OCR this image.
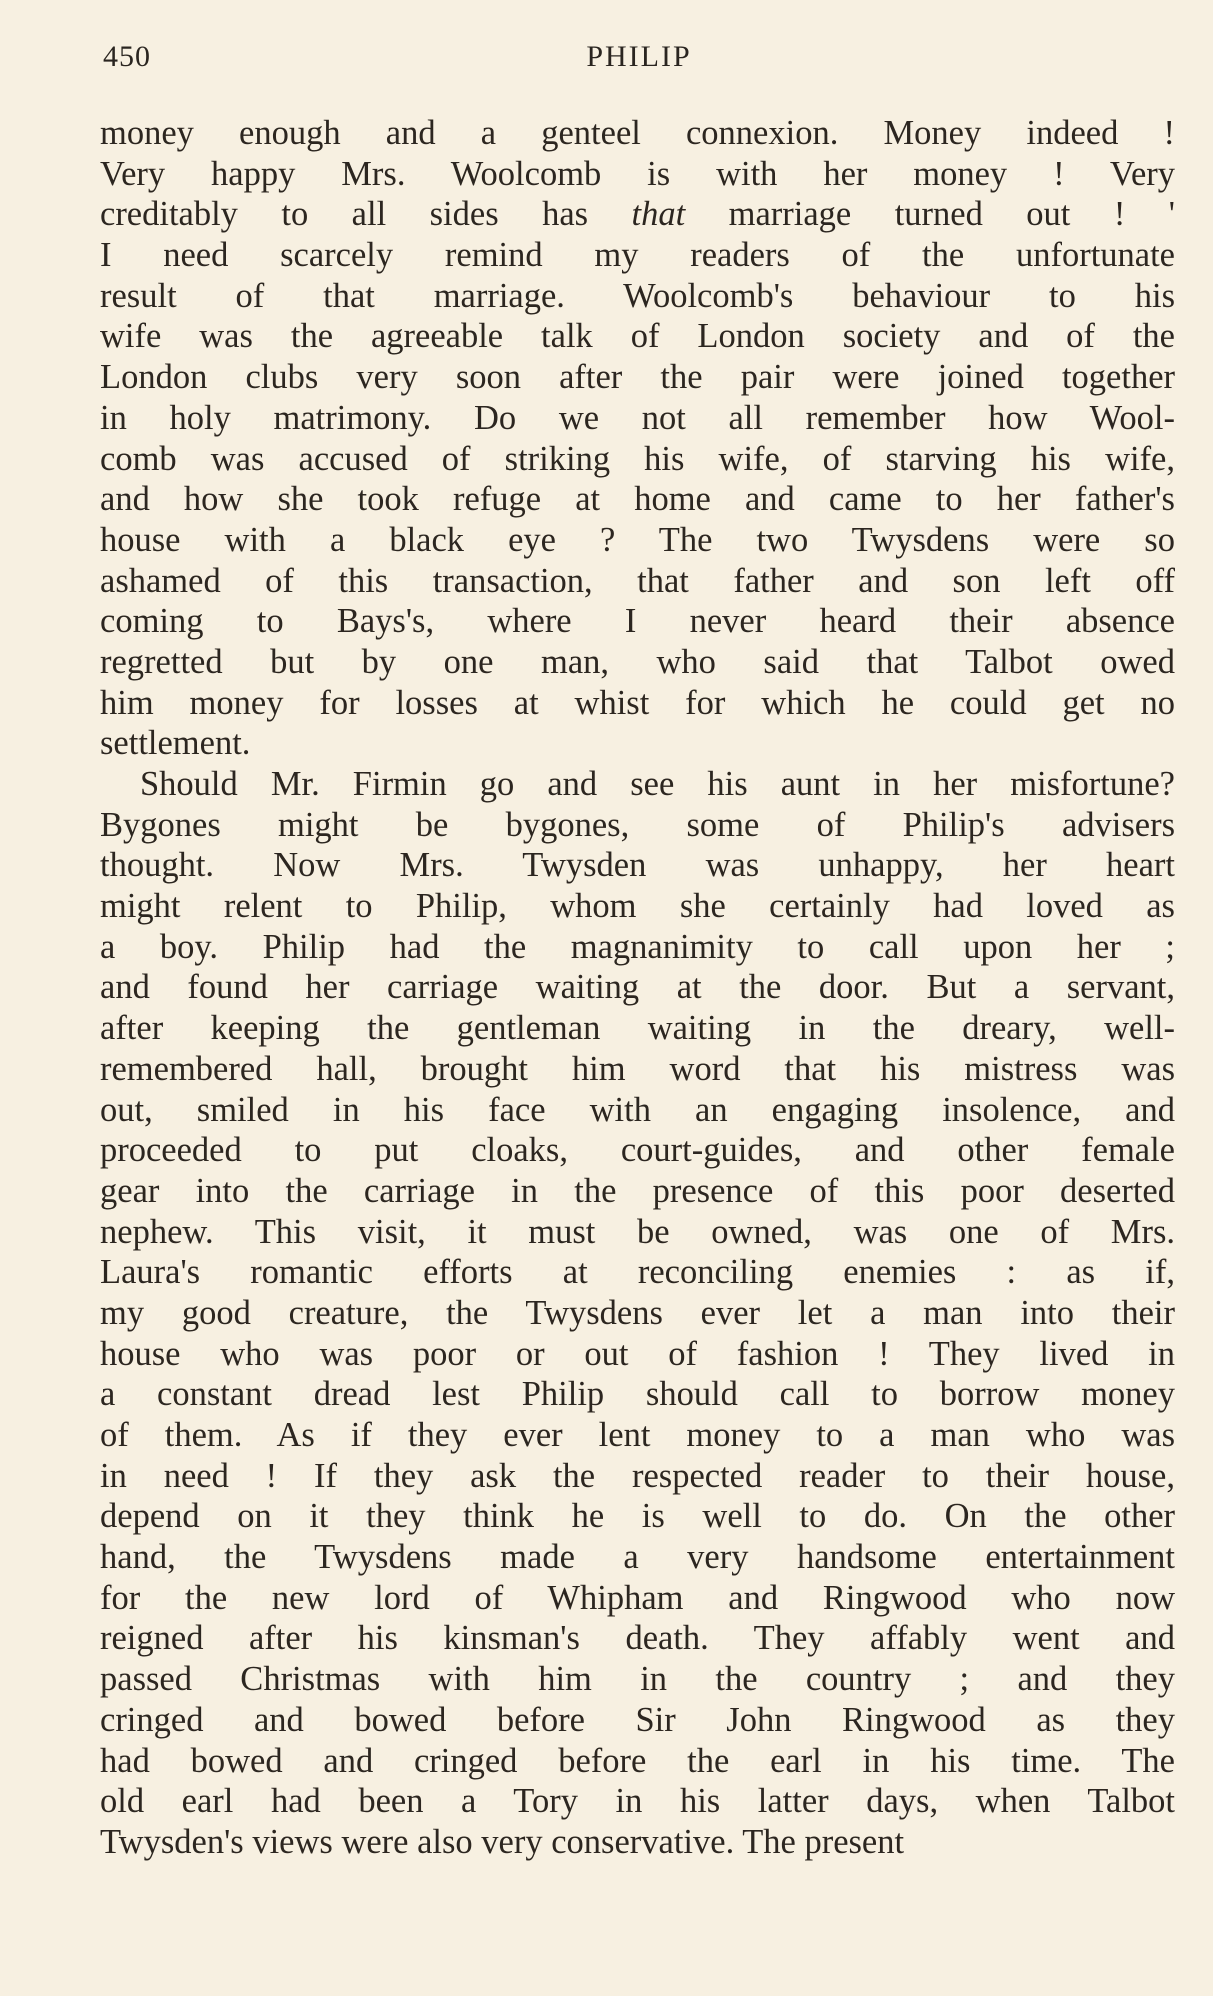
450	PHILIP
money enough and a genteel connexion. Money indeed !
Very happy Mrs. Woolcomb is with her money ! Very
creditably to all sides has that marriage turned out ! '
I need scarcely remind my readers of the unfortunate
result of that marriage. Woolcomb's behaviour to his
wife was the agreeable talk of London society and of the
London clubs very soon after the pair were joined together
in holy matrimony. Do we not all remember how Wool-
comb was accused of striking his wife, of starving his wife,
and how she took refuge at home and came to her father's
house with a black eye ? The two Twysdens were so
ashamed of this transaction, that father and son left off
coming to Bays's, where I never heard their absence
regretted but by one man, who said that Talbot owed
him money for losses at whist for which he could get no
settlement.
Should Mr. Firmin go and see his aunt in her misfortune?
Bygones might be bygones, some of Philip's advisers
thought. Now Mrs. Twysden was unhappy, her heart
might relent to Philip, whom she certainly had loved as
a boy. Philip had the magnanimity to call upon her ;
and found her carriage waiting at the door. But a servant,
after keeping the gentleman waiting in the dreary, well-
remembered hall, brought him word that his mistress was
out, smiled in his face with an engaging insolence, and
proceeded to put cloaks, court-guides, and other female
gear into the carriage in the presence of this poor deserted
nephew. This visit, it must be owned, was one of Mrs.
Laura's romantic efforts at reconciling enemies : as if,
my good creature, the Twysdens ever let a man into their
house who was poor or out of fashion ! They lived in
a constant dread lest Philip should call to borrow money
of them. As if they ever lent money to a man who was
in need ! If they ask the respected reader to their house,
depend on it they think he is well to do. On the other
hand, the Twysdens made a very handsome entertainment
for the new lord of Whipham and Ringwood who now
reigned after his kinsman's death. They affably went and
passed Christmas with him in the country ; and they
cringed and bowed before Sir John Ringwood as they
had bowed and cringed before the earl in his time. The
old earl had been a Tory in his latter days, when Talbot
Twysden's views were also very conservative. The present
